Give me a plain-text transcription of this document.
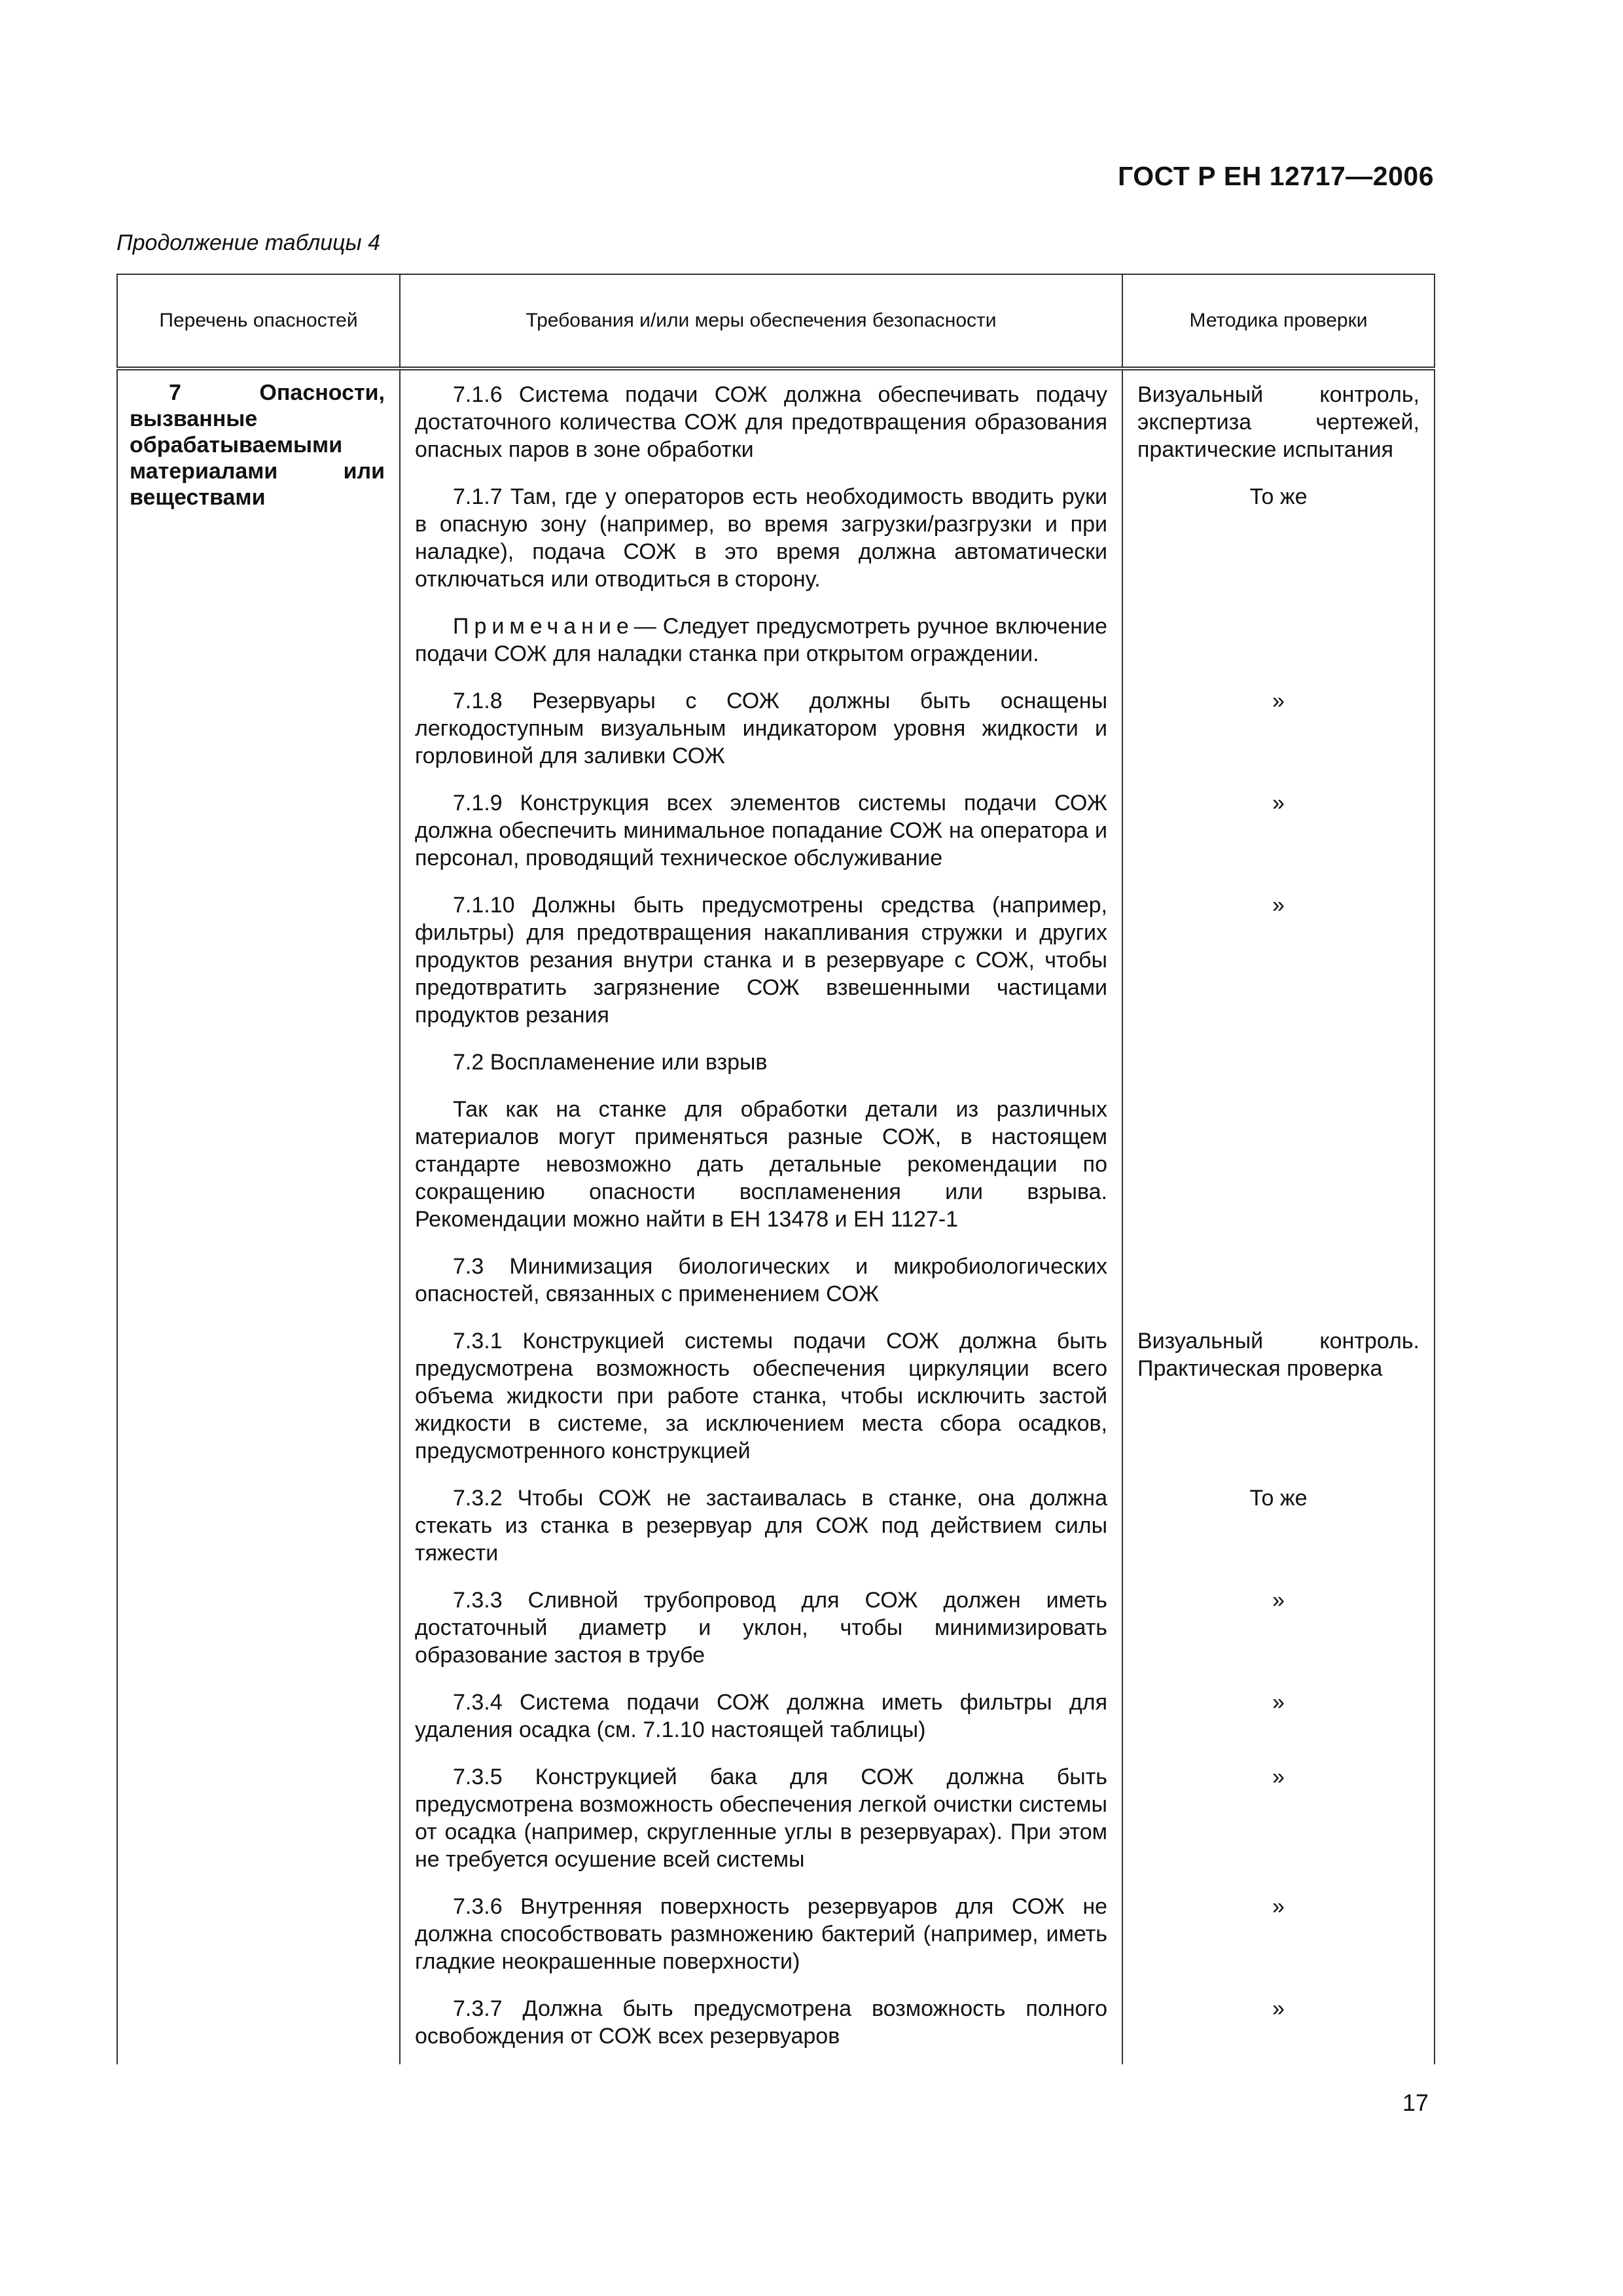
ГОСТ Р ЕН 12717—2006
Продолжение таблицы 4
Перечень опасностей	Требования и/или меры обеспечения безопасности	Методика проверки

7 Опасности, вызванные обрабатываемыми материалами или веществами	7.1.6 Система подачи СОЖ должна обеспечивать подачу достаточного количества СОЖ для предотвращения образования опасных паров в зоне обработки	Визуальный контроль, экспертиза чертежей, практические испытания

	7.1.7 Там, где у операторов есть необходимость вводить руки в опасную зону (например, во время загрузки/разгрузки и при наладке), подача СОЖ в это время должна автоматически отключаться или отводиться в сторону.	То же

	Примечание— Следует предусмотреть ручное включение подачи СОЖ для наладки станка при открытом ограждении.	

	7.1.8 Резервуары с СОЖ должны быть оснащены легкодоступным визуальным индикатором уровня жидкости и горловиной для заливки СОЖ	»

	7.1.9 Конструкция всех элементов системы подачи СОЖ должна обеспечить минимальное попадание СОЖ на оператора и персонал, проводящий техническое обслуживание	»

	7.1.10 Должны быть предусмотрены средства (например, фильтры) для предотвращения накапливания стружки и других продуктов резания внутри станка и в резервуаре с СОЖ, чтобы предотвратить загрязнение СОЖ взвешенными частицами продуктов резания	»

	7.2 Воспламенение или взрыв	

	Так как на станке для обработки детали из различных материалов могут применяться разные СОЖ, в настоящем стандарте невозможно дать детальные рекомендации по сокращению опасности воспламенения или взрыва. Рекомендации можно найти в ЕН 13478 и ЕН 1127-1	

	7.3 Минимизация биологических и микробиологических опасностей, связанных с применением СОЖ	

	7.3.1 Конструкцией системы подачи СОЖ должна быть предусмотрена возможность обеспечения циркуляции всего объема жидкости при работе станка, чтобы исключить застой жидкости в системе, за исключением места сбора осадков, предусмотренного конструкцией	Визуальный контроль. Практическая проверка

	7.3.2 Чтобы СОЖ не застаивалась в станке, она должна стекать из станка в резервуар для СОЖ под действием силы тяжести	То же

	7.3.3 Сливной трубопровод для СОЖ должен иметь достаточный диаметр и уклон, чтобы минимизировать образование застоя в трубе	»

	7.3.4 Система подачи СОЖ должна иметь фильтры для удаления осадка (см. 7.1.10 настоящей таблицы)	»

	7.3.5 Конструкцией бака для СОЖ должна быть предусмотрена возможность обеспечения легкой очистки системы от осадка (например, скругленные углы в резервуарах). При этом не требуется осушение всей системы	»

	7.3.6 Внутренняя поверхность резервуаров для СОЖ не должна способствовать размножению бактерий (например, иметь гладкие неокрашенные поверхности)	»

	7.3.7 Должна быть предусмотрена возможность полного освобождения от СОЖ всех резервуаров	»
17
